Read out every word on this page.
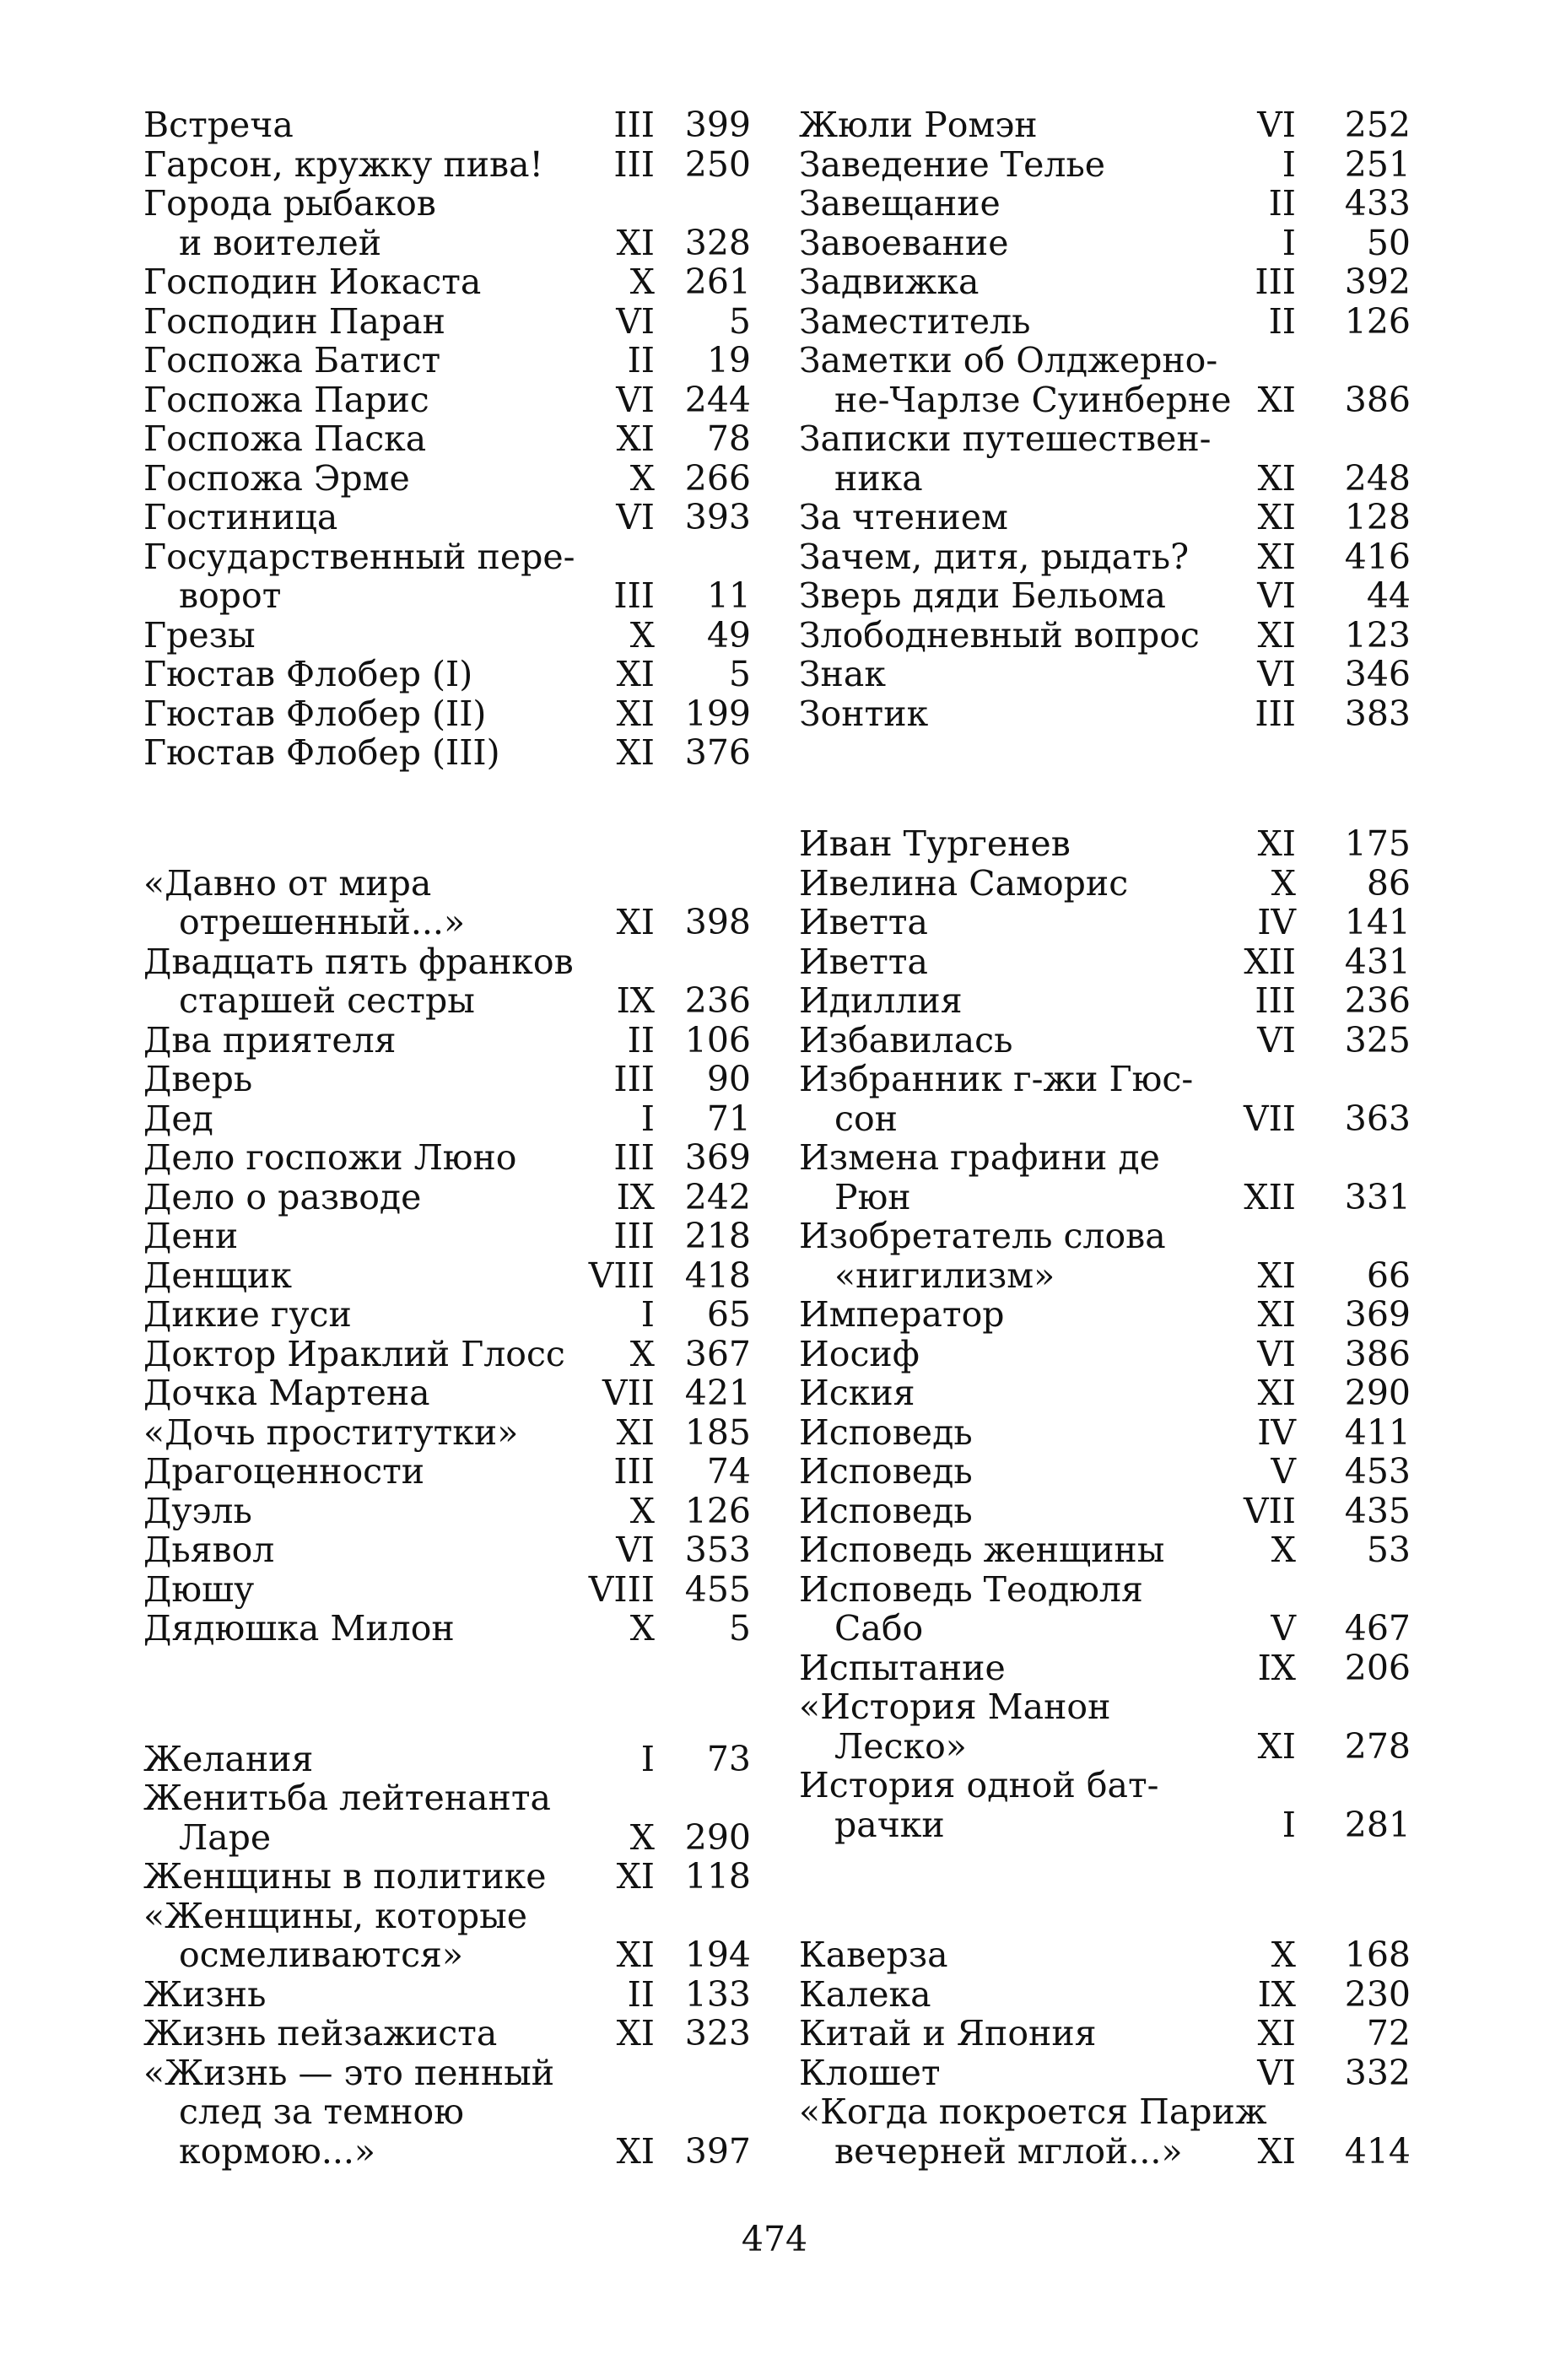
Встреча	III 399
Гарсон, кружку пива!	III 250
Города рыбаков
и воителей	XI 328
Господин Иокаста	X 261
Господин Паран	VI	5
Госпожа Батист	II	19
Госпожа Парис	VI 244
Госпожа Паска	XI	78
Госпожа Эрме	X 266
Гостиница	VI 393
Государственный пере-
ворот	III	11
Грезы	X	49
Гюстав Флобер (I)	XI	5
Гюстав Флобер (II)	XI 199
Гюстав Флобер (III)	XI 376
«Давно от мира
отрешенный...»	XI 398
Двадцать пять франков
старшей сестры	IX 236
Два приятеля	II 106
Дверь	III	90
Дед	I	71
Дело госпожи Люно	III 369
Дело о разводе	IX 242
Дени	III 218
Денщик	VIII 418
Дикие гуси	I	65
Доктор Ираклий Глосс	X 367
Дочка Мартена	VII 421
«Дочь проститутки»	XI 185
Драгоценности	III	74
Дуэль	X 126
Дьявол	VI 353
Дюшу	VIII 455
Дядюшка Милон	X	5
Желания	I	73
Женитьба лейтенанта
Ларе	X 290
Женщины в политике	XI 118
«Женщины, которые
осмеливаются»	XI 194
Жизнь	II 133
Жизнь пейзажиста	XI 323
«Жизнь — это пенный
след за темною
кормою...»	XI 397
Жюли Ромэн	VI 252
Заведение Телье	I 251
Завещание	II 433
Завоевание	I	50
Задвижка	III 392
Заместитель	II 126
Заметки об Олджерно-
не-Чарлзе Суинберне XI 386
Записки путешествен-
ника	XI 248
За чтением	XI 128
Зачем, дитя, рыдать?	XI 416
Зверь дяди Бельома	VI	44
Злободневный вопрос	XI 123
Знак	VI 346
Зонтик	III 383
Иван Тургенев	XI 175
Ивелина Саморис	X	86
Иветта	IV 141
Иветта	XII 431
Идиллия	III 236
Избавилась	VI 325
Избранник г-жи Гюс-
сон	VII 363
Измена графини де
Рюн	XII 331
Изобретатель слова
«нигилизм»	XI	66
Император	XI 369
Иосиф	VI 386
Иския	XI 290
Исповедь	IV 411
Исповедь	V 453
Исповедь	VII 435
Исповедь женщины	X	53
Исповедь Теодюля
Сабо	V 467
Испытание	IX 206
«История Манон
Леско»	XI 278
История одной бат-
рачки	I 281
Каверза	X 168
Калека	IX 230
Китай и Япония	XI	72
Клошет	VI 332
«Когда покроется Париж
вечерней мглой...»	XI 414
474
